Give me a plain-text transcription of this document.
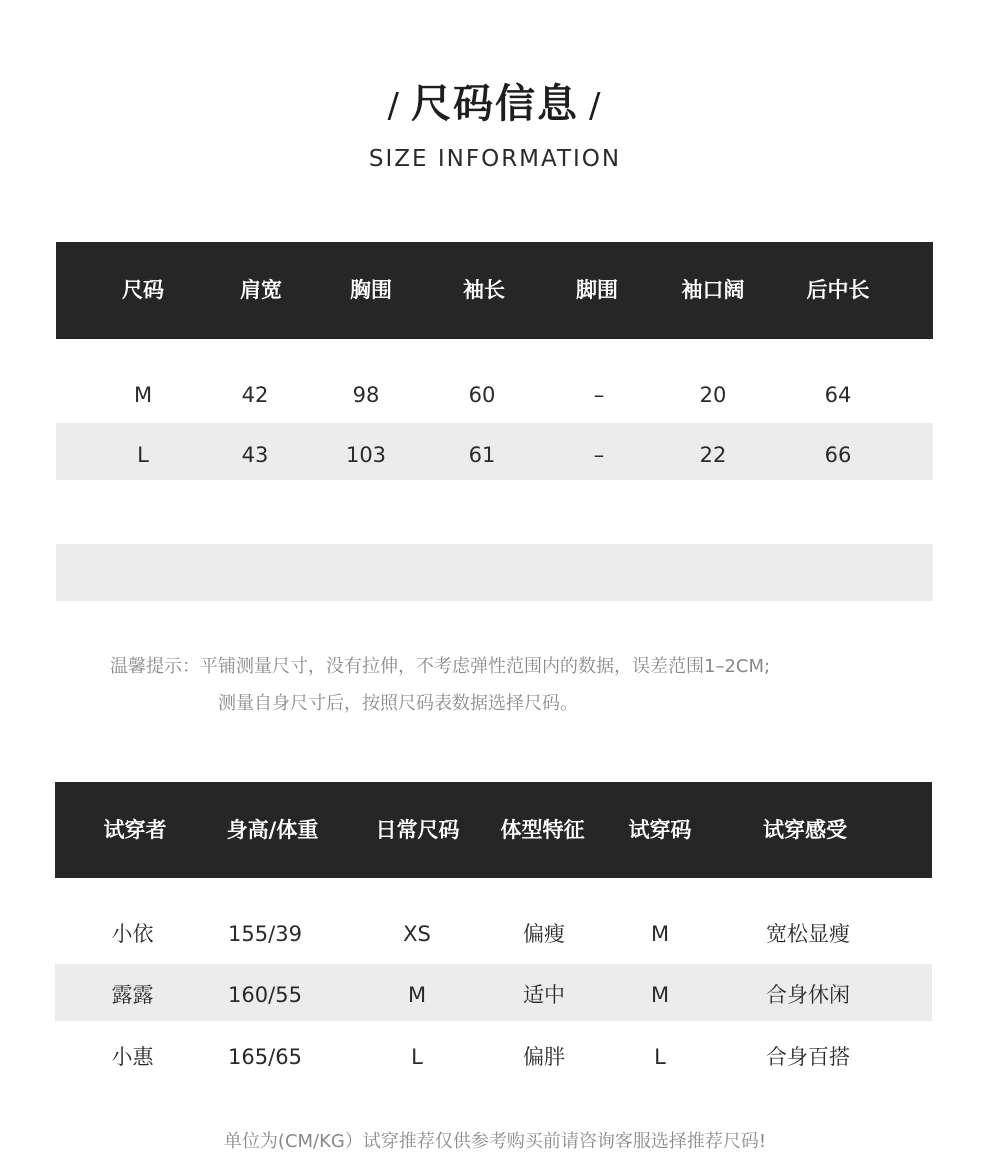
/ 尺码信息 /
SIZE INFORMATION
尺码	肩宽	胸围	袖长	脚围	袖口阔	后中长
M	42	98	60	–	20	64
L	43	103	61	–	22	66
温馨提示：平铺测量尺寸，没有拉伸，不考虑弹性范围内的数据，误差范围1–2CM;
测量自身尺寸后，按照尺码表数据选择尺码。
试穿者	身高/体重	日常尺码	体型特征	试穿码	试穿感受
小依	155/39	XS	偏瘦	M	宽松显瘦
露露	160/55	M	适中	M	合身休闲
小惠	165/65	L	偏胖	L	合身百搭
单位为(CM/KG）试穿推荐仅供参考购买前请咨询客服选择推荐尺码!
